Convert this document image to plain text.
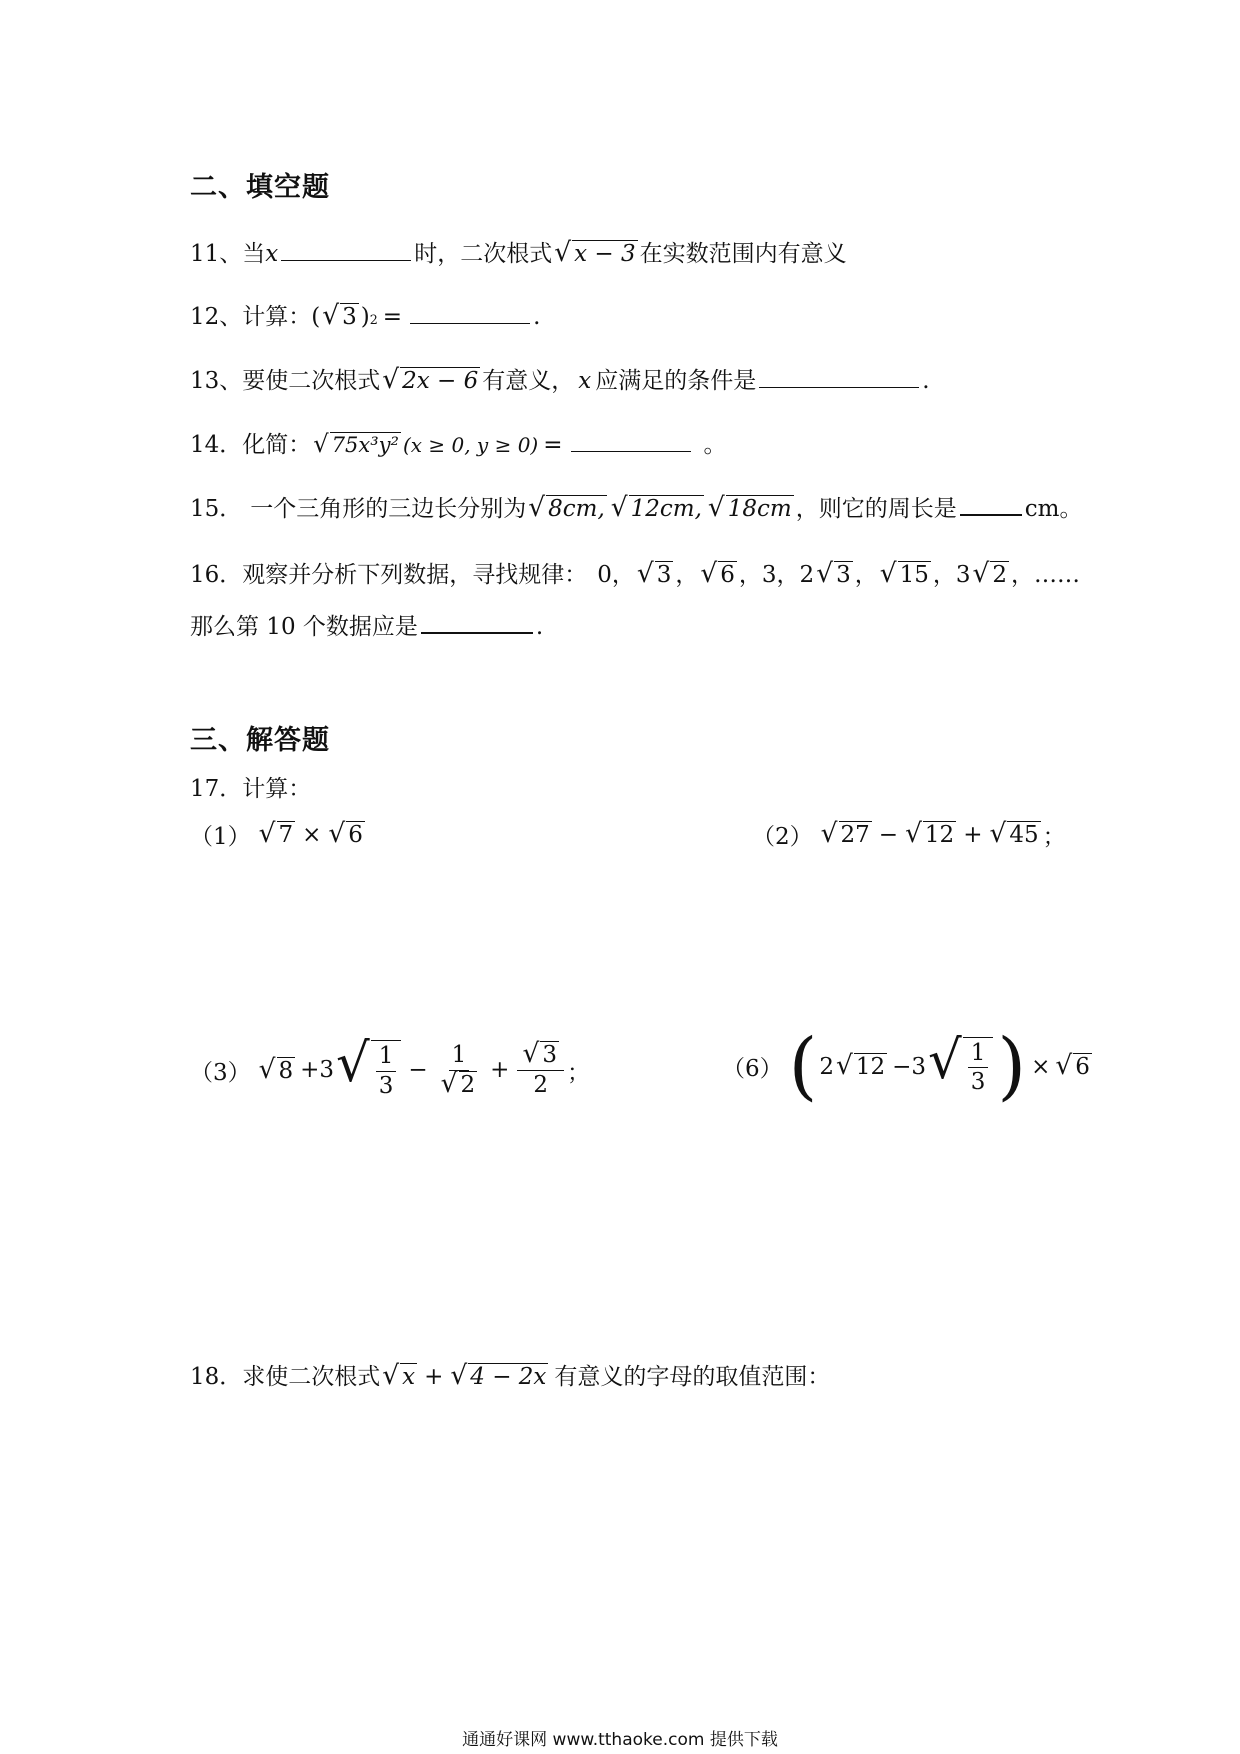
二、填空题
11、 当 x	时，二次根式 √ x − 3 在实数范围内有意义
12、 计算： ( √ 3 ) 2 =	.
13、 要使二次根式 √ 2x − 6 有意义， x 应满足的条件是	.
14． 化简： √ 75x³y² (x ≥ 0, y ≥ 0) =	。
15． 一个三角形的三边长分别为 √ 8cm, √ 12cm, √ 18cm ，则它的周长是	cm。
16． 观察并分析下列数据，寻找规律： 0， √ 3 ， √ 6 ，3，2 √ 3 ， √ 15 ，3 √ 2 ，……
那么第 10 个数据应是	.
三、解答题
17．计算：
（1） √ 7 × √ 6	（2） √ 27 − √ 12 + √ 45 ；
（3） √ 8 +3 √ $\frac{1}{3} - \frac{1}{√ 2} + \frac{√ 3}{2}$ ；	（6） ( 2 √ 12 −3 √ $\frac{1}{3}$ ) × √ 6
18． 求使二次根式 √ x + √ 4 − 2x 有意义的字母的取值范围：
通通好课网 www.tthaoke.com 提供下载
